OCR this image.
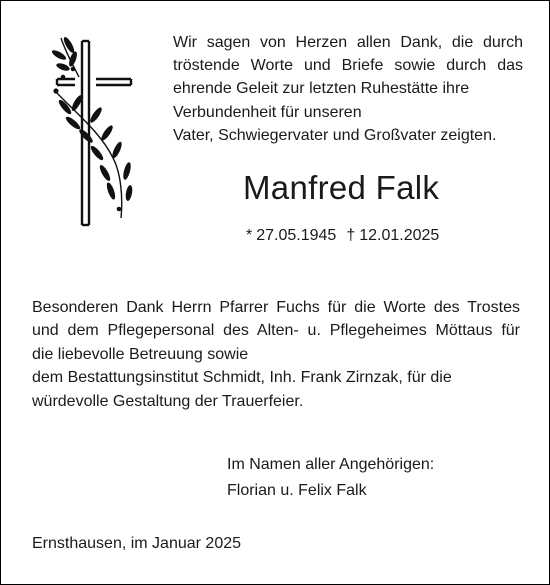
Wir sagen von Herzen allen Dank, die durch
tröstende Worte und Briefe sowie durch das
ehrende Geleit zur letzten Ruhestätte ihre
Verbundenheit für unseren
Vater, Schwiegervater und Großvater zeigten.
Manfred Falk
* 27.05.1945 † 12.01.2025
Besonderen Dank Herrn Pfarrer Fuchs für die Worte des Trostes
und dem Pflegepersonal des Alten- u. Pflegeheimes Möttaus für
die liebevolle Betreuung sowie
dem Bestattungsinstitut Schmidt, Inh. Frank Zirnzak, für die
würdevolle Gestaltung der Trauerfeier.
Im Namen aller Angehörigen:
Florian u. Felix Falk
Ernsthausen, im Januar 2025
